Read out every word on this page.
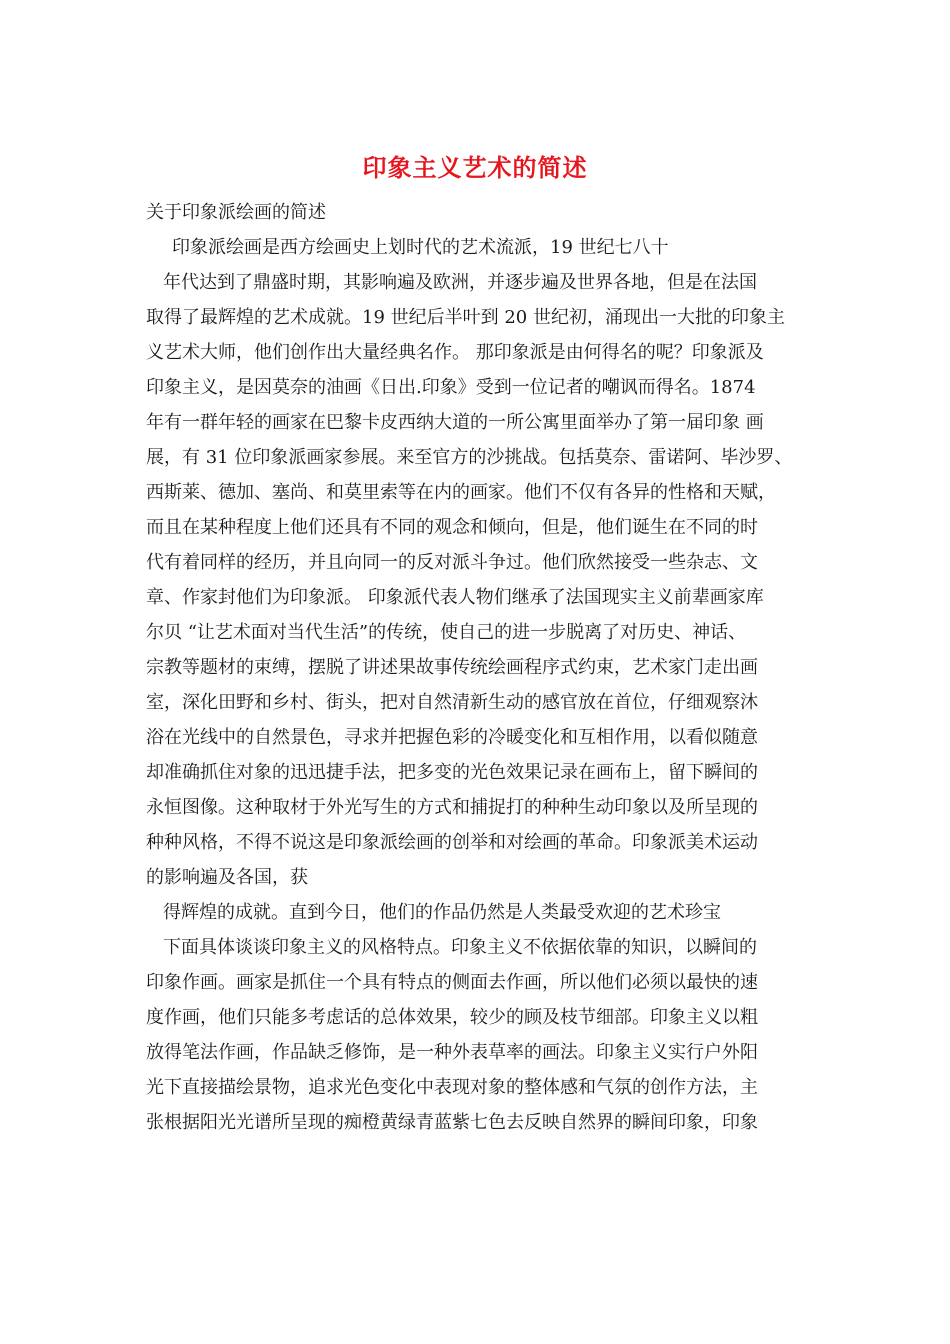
印象主义艺术的简述
关于印象派绘画的简述
印象派绘画是西方绘画史上划时代的艺术流派，19 世纪七八十
年代达到了鼎盛时期，其影响遍及欧洲，并逐步遍及世界各地，但是在法国
取得了最辉煌的艺术成就。19 世纪后半叶到 20 世纪初，涌现出一大批的印象主
义艺术大师，他们创作出大量经典名作。 那印象派是由何得名的呢？印象派及
印象主义，是因莫奈的油画《日出.印象》受到一位记者的嘲讽而得名。1874
年有一群年轻的画家在巴黎卡皮西纳大道的一所公寓里面举办了第一届印象 画
展，有 31 位印象派画家参展。来至官方的沙挑战。包括莫奈、雷诺阿、毕沙罗、
西斯莱、德加、塞尚、和莫里索等在内的画家。他们不仅有各异的性格和天赋，
而且在某种程度上他们还具有不同的观念和倾向，但是，他们诞生在不同的时
代有着同样的经历，并且向同一的反对派斗争过。他们欣然接受一些杂志、文
章、作家封他们为印象派。 印象派代表人物们继承了法国现实主义前辈画家库
尔贝 “让艺术面对当代生活”的传统，使自己的进一步脱离了对历史、神话、
宗教等题材的束缚，摆脱了讲述果故事传统绘画程序式约束，艺术家门走出画
室，深化田野和乡村、街头，把对自然清新生动的感官放在首位，仔细观察沐
浴在光线中的自然景色，寻求并把握色彩的冷暖变化和互相作用，以看似随意
却准确抓住对象的迅迅捷手法，把多变的光色效果记录在画布上，留下瞬间的
永恒图像。这种取材于外光写生的方式和捕捉打的种种生动印象以及所呈现的
种种风格，不得不说这是印象派绘画的创举和对绘画的革命。印象派美术运动
的影响遍及各国，获
得辉煌的成就。直到今日，他们的作品仍然是人类最受欢迎的艺术珍宝
下面具体谈谈印象主义的风格特点。印象主义不依据依靠的知识，以瞬间的
印象作画。画家是抓住一个具有特点的侧面去作画，所以他们必须以最快的速
度作画，他们只能多考虑话的总体效果，较少的顾及枝节细部。印象主义以粗
放得笔法作画，作品缺乏修饰，是一种外表草率的画法。印象主义实行户外阳
光下直接描绘景物，追求光色变化中表现对象的整体感和气氛的创作方法，主
张根据阳光光谱所呈现的痴橙黄绿青蓝紫七色去反映自然界的瞬间印象，印象
